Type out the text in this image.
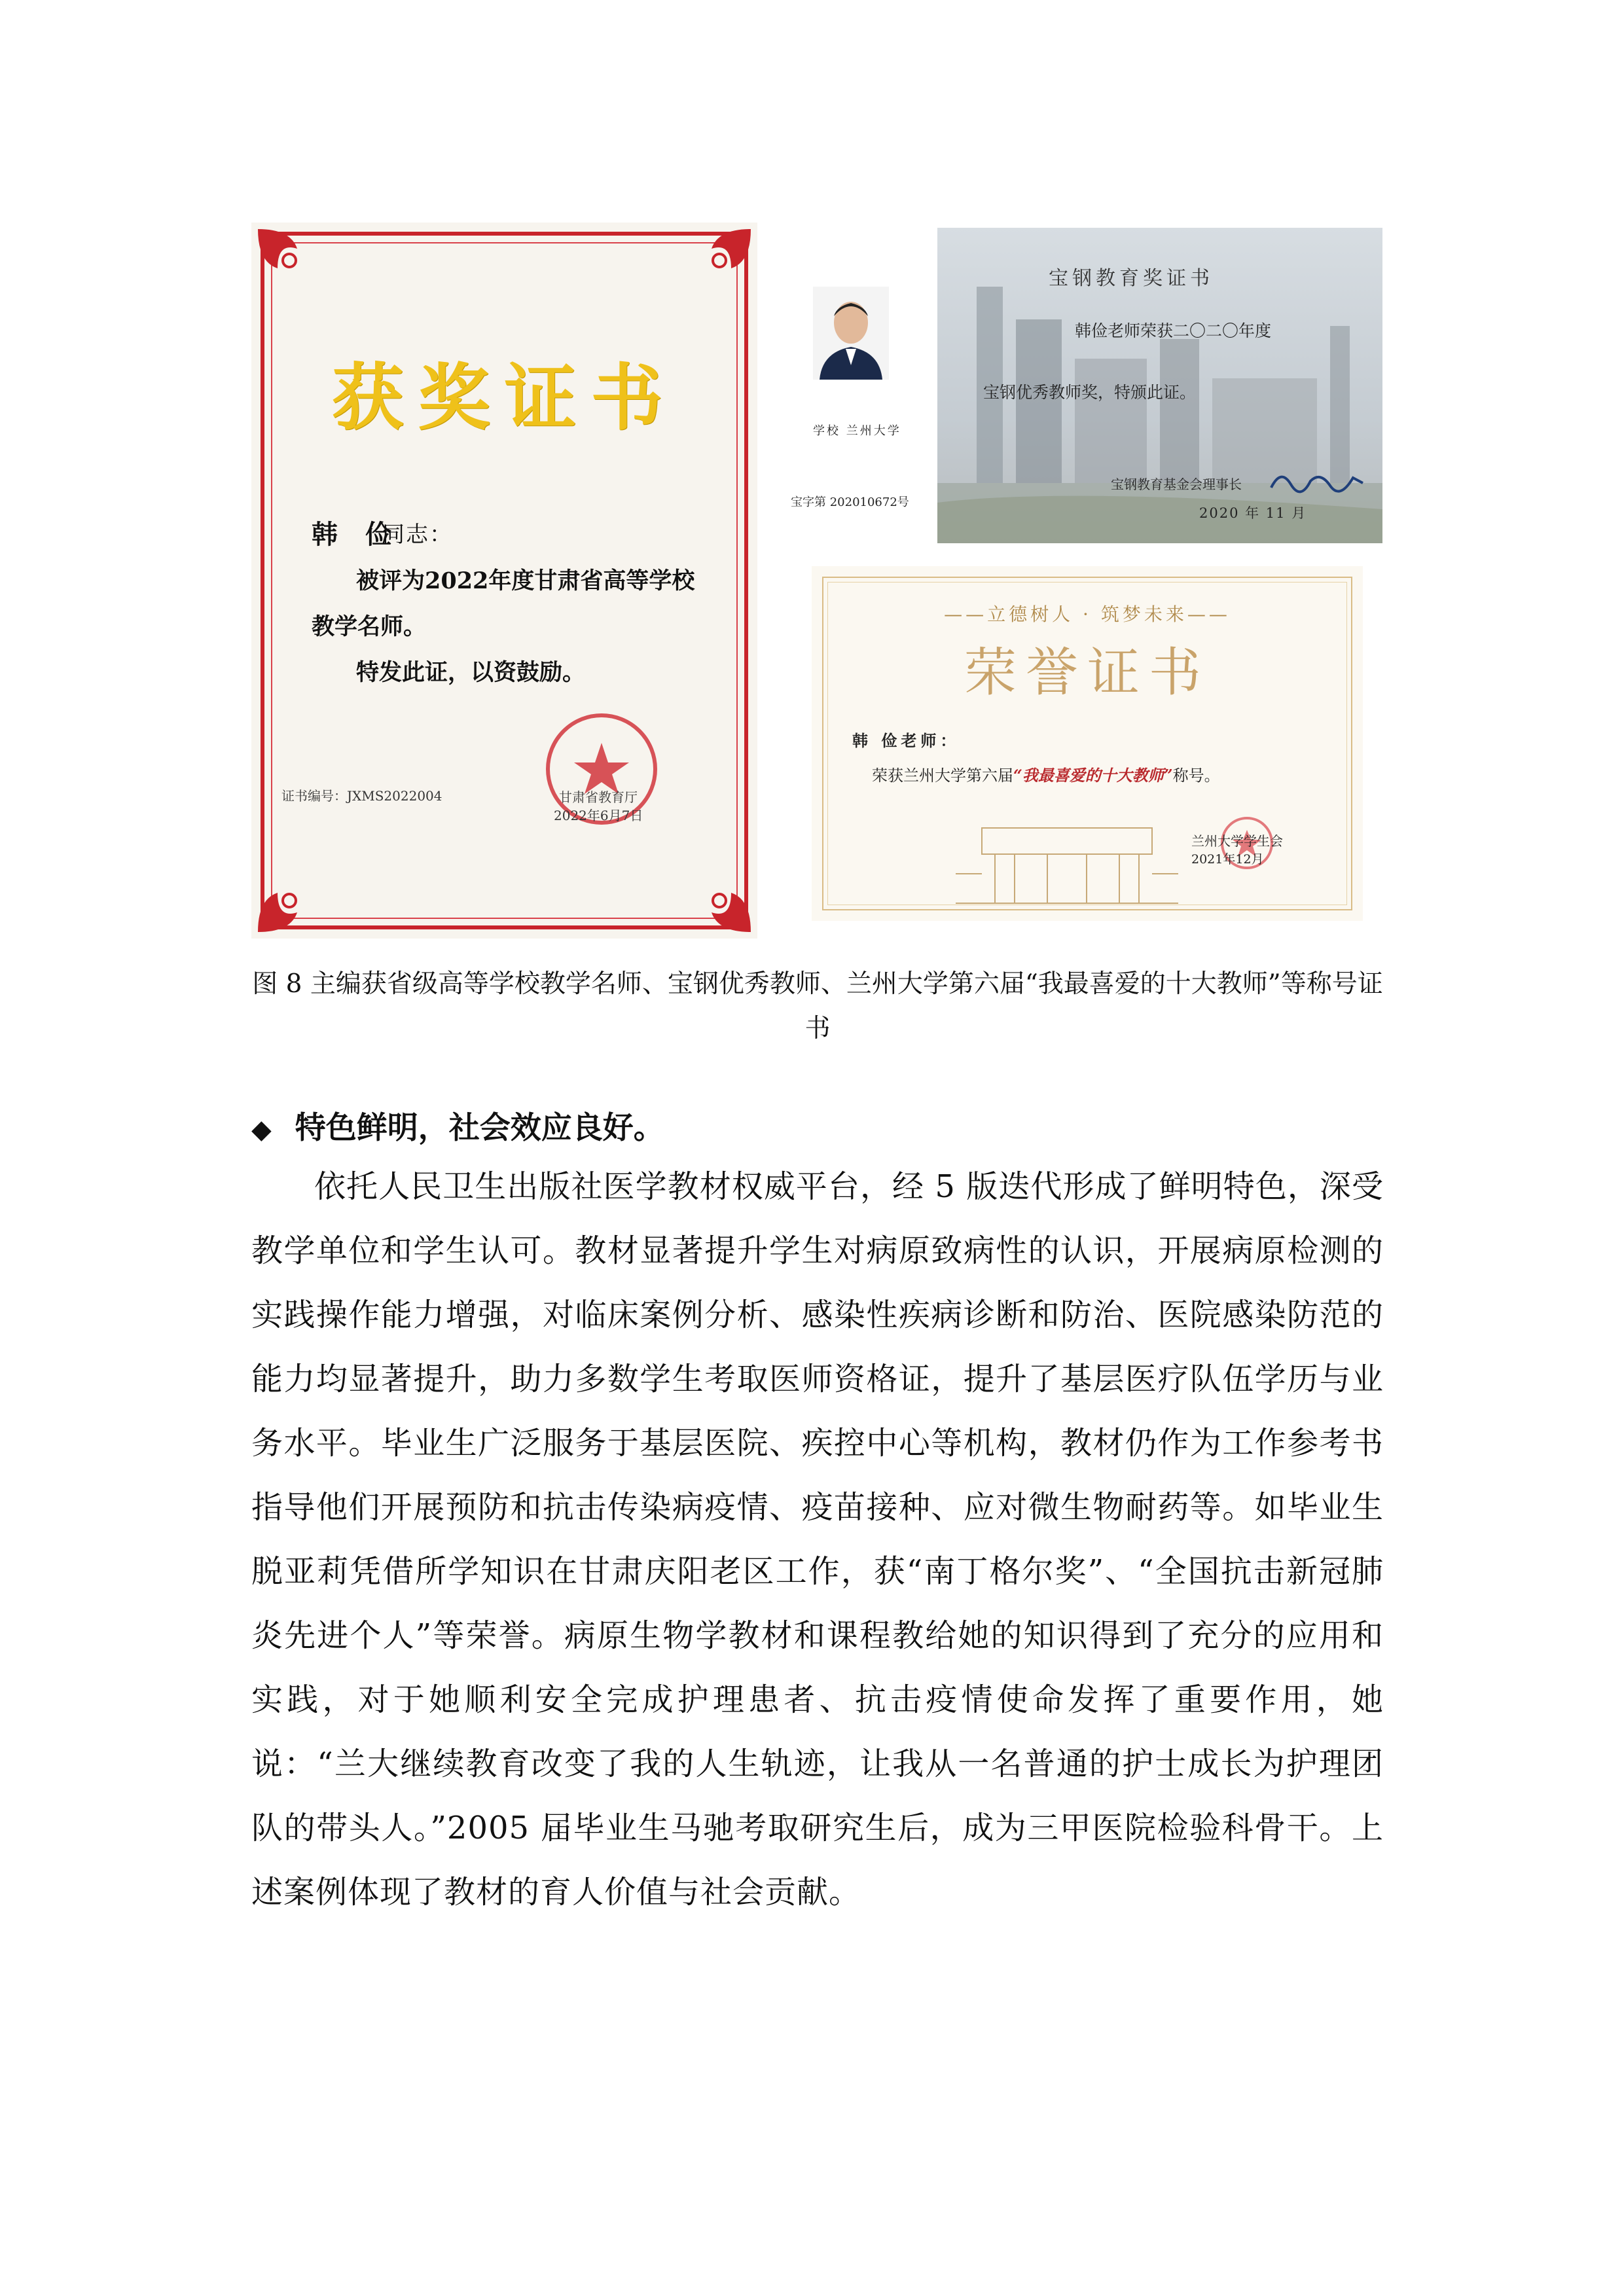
获奖证书
韩 俭
同志：
被评为2022年度甘肃省高等学校
教学名师。
特发此证，以资鼓励。
证书编号：JXMS2022004	甘肃省教育厅
2022年6月7日
宝钢教育奖证书
韩俭老师荣获二〇二〇年度
宝钢优秀教师奖，特颁此证。
学校 兰州大学
宝字第 202010672号
宝钢教育基金会理事长
2020 年 11 月
——立德树人 · 筑梦未来——
荣誉证书
韩 俭老师：
荣获兰州大学第六届“我最喜爱的十大教师”称号。
兰州大学学生会
2021年12月
图 8 主编获省级高等学校教学名师、宝钢优秀教师、兰州大学第六届“我最喜爱的十大教师”等称号证书
◆ 特色鲜明，社会效应良好。
依托人民卫生出版社医学教材权威平台，经 5 版迭代形成了鲜明特色，深受教学单位和学生认可。教材显著提升学生对病原致病性的认识，开展病原检测的实践操作能力增强，对临床案例分析、感染性疾病诊断和防治、医院感染防范的能力均显著提升，助力多数学生考取医师资格证，提升了基层医疗队伍学历与业务水平。毕业生广泛服务于基层医院、疾控中心等机构，教材仍作为工作参考书指导他们开展预防和抗击传染病疫情、疫苗接种、应对微生物耐药等。如毕业生脱亚莉凭借所学知识在甘肃庆阳老区工作，获“南丁格尔奖”、“全国抗击新冠肺炎先进个人”等荣誉。病原生物学教材和课程教给她的知识得到了充分的应用和实践，对于她顺利安全完成护理患者、抗击疫情使命发挥了重要作用，她说：“兰大继续教育改变了我的人生轨迹，让我从一名普通的护士成长为护理团队的带头人。”2005 届毕业生马驰考取研究生后，成为三甲医院检验科骨干。上述案例体现了教材的育人价值与社会贡献。
